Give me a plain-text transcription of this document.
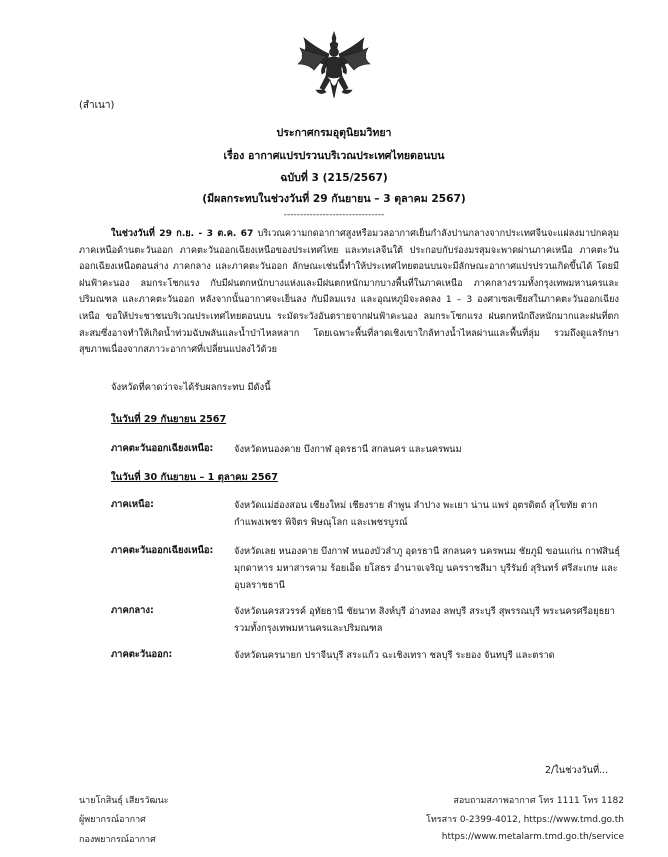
(สำเนา)
ประกาศกรมอุตุนิยมวิทยา
เรื่อง อากาศแปรปรวนบริเวณประเทศไทยตอนบน
ฉบับที่ 3 (215/2567)
(มีผลกระทบในช่วงวันที่ 29 กันยายน – 3 ตุลาคม 2567)
-------------------------------
ในช่วงวันที่ 29 ก.ย. - 3 ต.ค. 67 บริเวณความกดอากาศสูงหรือมวลอากาศเย็นกำลังปานกลางจากประเทศจีนจะแผ่ลงมาปกคลุมภาคเหนือด้านตะวันออก ภาคตะวันออกเฉียงเหนือของประเทศไทย และทะเลจีนใต้ ประกอบกับร่องมรสุมจะพาดผ่านภาคเหนือ ภาคตะวันออกเฉียงเหนือตอนล่าง ภาคกลาง และภาคตะวันออก ลักษณะเช่นนี้ทำให้ประเทศไทยตอนบนจะมีลักษณะอากาศแปรปรวนเกิดขึ้นได้ โดยมีฝนฟ้าคะนอง ลมกระโชกแรง กับมีฝนตกหนักบางแห่งและมีฝนตกหนักมากบางพื้นที่ในภาคเหนือ ภาคกลางรวมทั้งกรุงเทพมหานครและปริมณฑล และภาคตะวันออก หลังจากนั้นอากาศจะเย็นลง กับมีลมแรง และอุณหภูมิจะลดลง 1 – 3 องศาเซลเซียสในภาคตะวันออกเฉียงเหนือ ขอให้ประชาชนบริเวณประเทศไทยตอนบน ระมัดระวังอันตรายจากฝนฟ้าคะนอง ลมกระโชกแรง ฝนตกหนักถึงหนักมากและฝนที่ตกสะสมซึ่งอาจทำให้เกิดน้ำท่วมฉับพลันและน้ำป่าไหลหลาก โดยเฉพาะพื้นที่ลาดเชิงเขาใกล้ทางน้ำไหลผ่านและพื้นที่ลุ่ม รวมถึงดูแลรักษาสุขภาพเนื่องจากสภาวะอากาศที่เปลี่ยนแปลงไว้ด้วย
จังหวัดที่คาดว่าจะได้รับผลกระทบ มีดังนี้
ในวันที่ 29 กันยายน 2567
ภาคตะวันออกเฉียงเหนือ: จังหวัดหนองคาย บึงกาฬ อุดรธานี สกลนคร และนครพนม
ในวันที่ 30 กันยายน – 1 ตุลาคม 2567
ภาคเหนือ:	จังหวัดแม่ฮ่องสอน เชียงใหม่ เชียงราย ลำพูน ลำปาง พะเยา น่าน แพร่ อุตรดิตถ์ สุโขทัย ตาก กำแพงเพชร พิจิตร พิษณุโลก และเพชรบูรณ์
ภาคตะวันออกเฉียงเหนือ: จังหวัดเลย หนองคาย บึงกาฬ หนองบัวลำภู อุดรธานี สกลนคร นครพนม ชัยภูมิ ขอนแก่น กาฬสินธุ์ มุกดาหาร มหาสารคาม ร้อยเอ็ด ยโสธร อำนาจเจริญ นครราชสีมา บุรีรัมย์ สุรินทร์ ศรีสะเกษ และอุบลราชธานี
ภาคกลาง:	จังหวัดนครสวรรค์ อุทัยธานี ชัยนาท สิงห์บุรี อ่างทอง ลพบุรี สระบุรี สุพรรณบุรี พระนครศรีอยุธยา รวมทั้งกรุงเทพมหานครและปริมณฑล
ภาคตะวันออก:	จังหวัดนครนายก ปราจีนบุรี สระแก้ว ฉะเชิงเทรา ชลบุรี ระยอง จันทบุรี และตราด
2/ในช่วงวันที่...
นายโกสินธุ์ เสียรวัฒนะ
ผู้พยากรณ์อากาศ
กองพยากรณ์อากาศ
สอบถามสภาพอากาศ โทร 1111 โทร 1182
โทรสาร 0-2399-4012, https://www.tmd.go.th
https://www.metalarm.tmd.go.th/service
